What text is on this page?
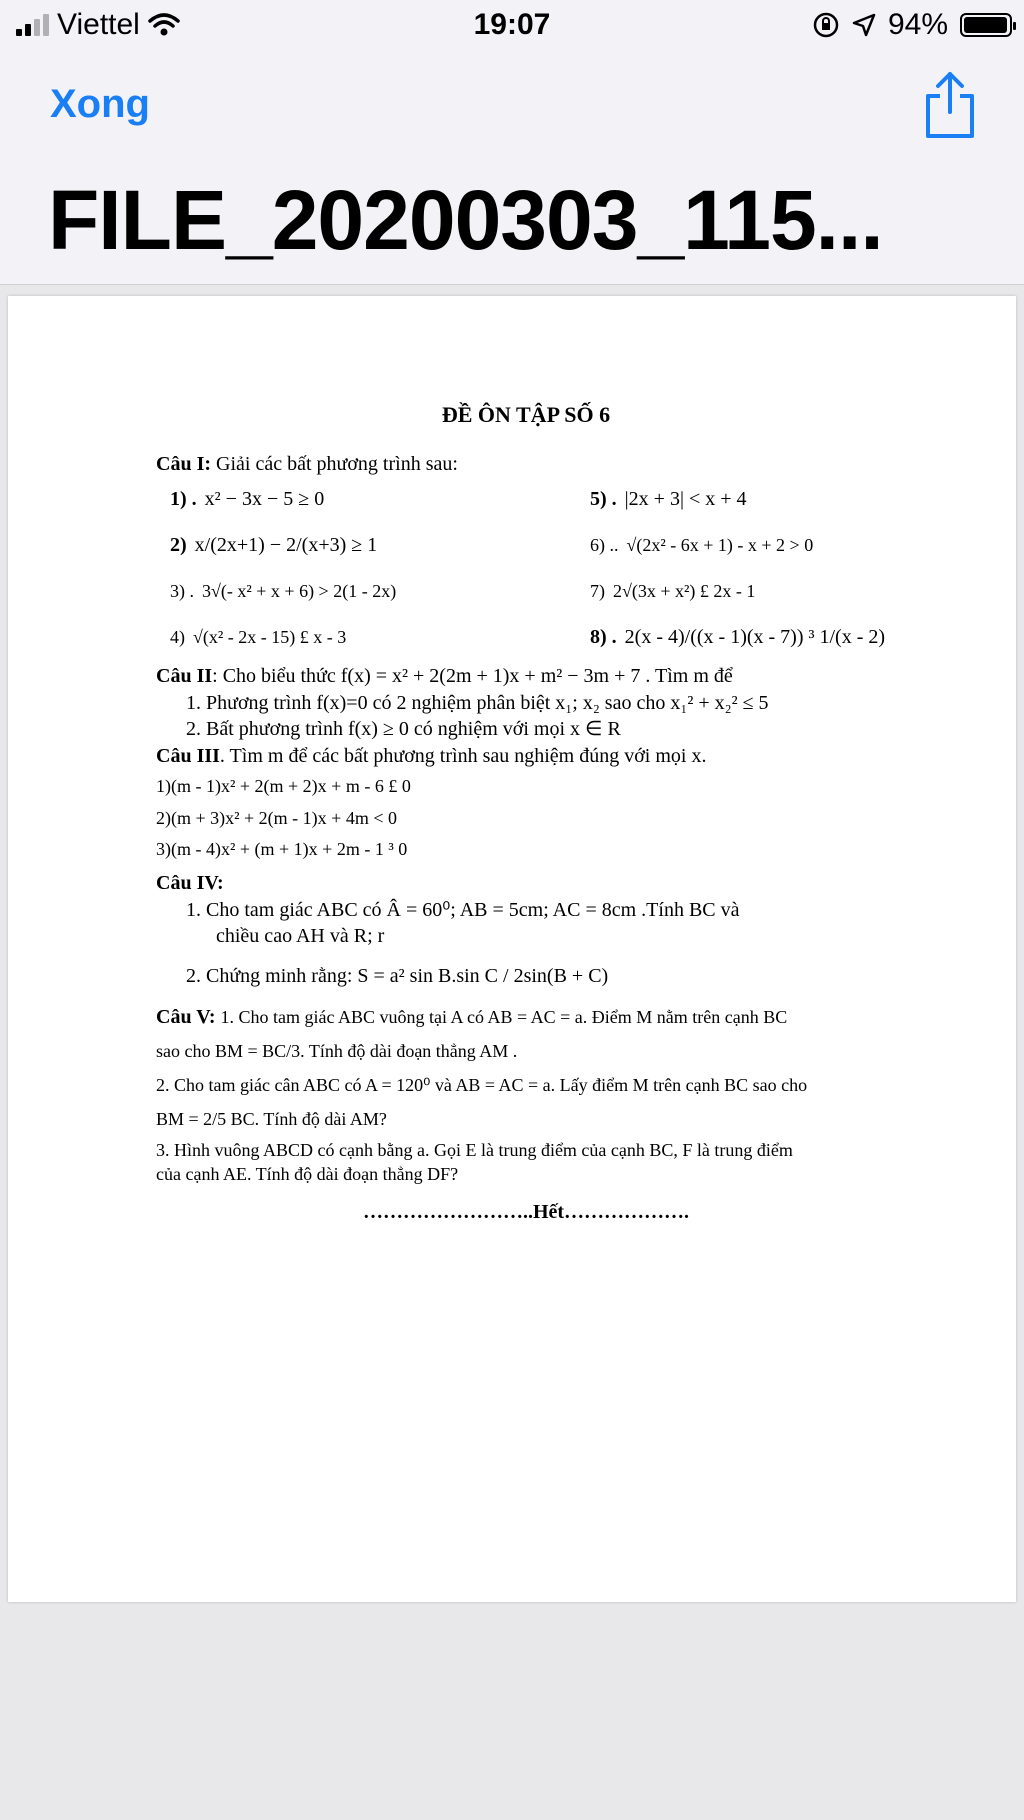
Viettel	19:07	94%
Xong
FILE_20200303_115...
ĐỀ ÔN TẬP SỐ 6
Câu I: Giải các bất phương trình sau:
1) . x² − 3x − 5 ≥ 0	5) . |2x + 3| < x + 4
2) x/(2x+1) − 2/(x+3) ≥ 1	6) .. √(2x² - 6x + 1) - x + 2 > 0
3) . 3√(- x² + x + 6) > 2(1 - 2x)	7) 2√(3x + x²) £ 2x - 1
4) √(x² - 2x - 15) £ x - 3	8) . 2(x - 4)/((x - 1)(x - 7)) ³ 1/(x - 2)
Câu II: Cho biểu thức f(x) = x² + 2(2m + 1)x + m² − 3m + 7 . Tìm m để
1. Phương trình f(x)=0 có 2 nghiệm phân biệt x₁; x₂ sao cho x₁² + x₂² ≤ 5
2. Bất phương trình f(x) ≥ 0 có nghiệm với mọi x ∈ R
Câu III. Tìm m để các bất phương trình sau nghiệm đúng với mọi x.
1)(m - 1)x² + 2(m + 2)x + m - 6 £ 0
2)(m + 3)x² + 2(m - 1)x + 4m < 0
3)(m - 4)x² + (m + 1)x + 2m - 1 ³ 0
Câu IV:
1. Cho tam giác ABC có Â = 60⁰; AB = 5cm; AC = 8cm .Tính BC và
chiều cao AH và R; r
2. Chứng minh rằng: S = a² sin B.sin C / 2sin(B + C)
Câu V: 1. Cho tam giác ABC vuông tại A có AB = AC = a. Điểm M nằm trên cạnh BC
sao cho BM = BC/3. Tính độ dài đoạn thẳng AM .
2. Cho tam giác cân ABC có A = 120⁰ và AB = AC = a. Lấy điểm M trên cạnh BC sao cho
BM = 2/5 BC. Tính độ dài AM?
3. Hình vuông ABCD có cạnh bằng a. Gọi E là trung điểm của cạnh BC, F là trung điểm
của cạnh AE. Tính độ dài đoạn thẳng DF?
……………………..Hết……………….
